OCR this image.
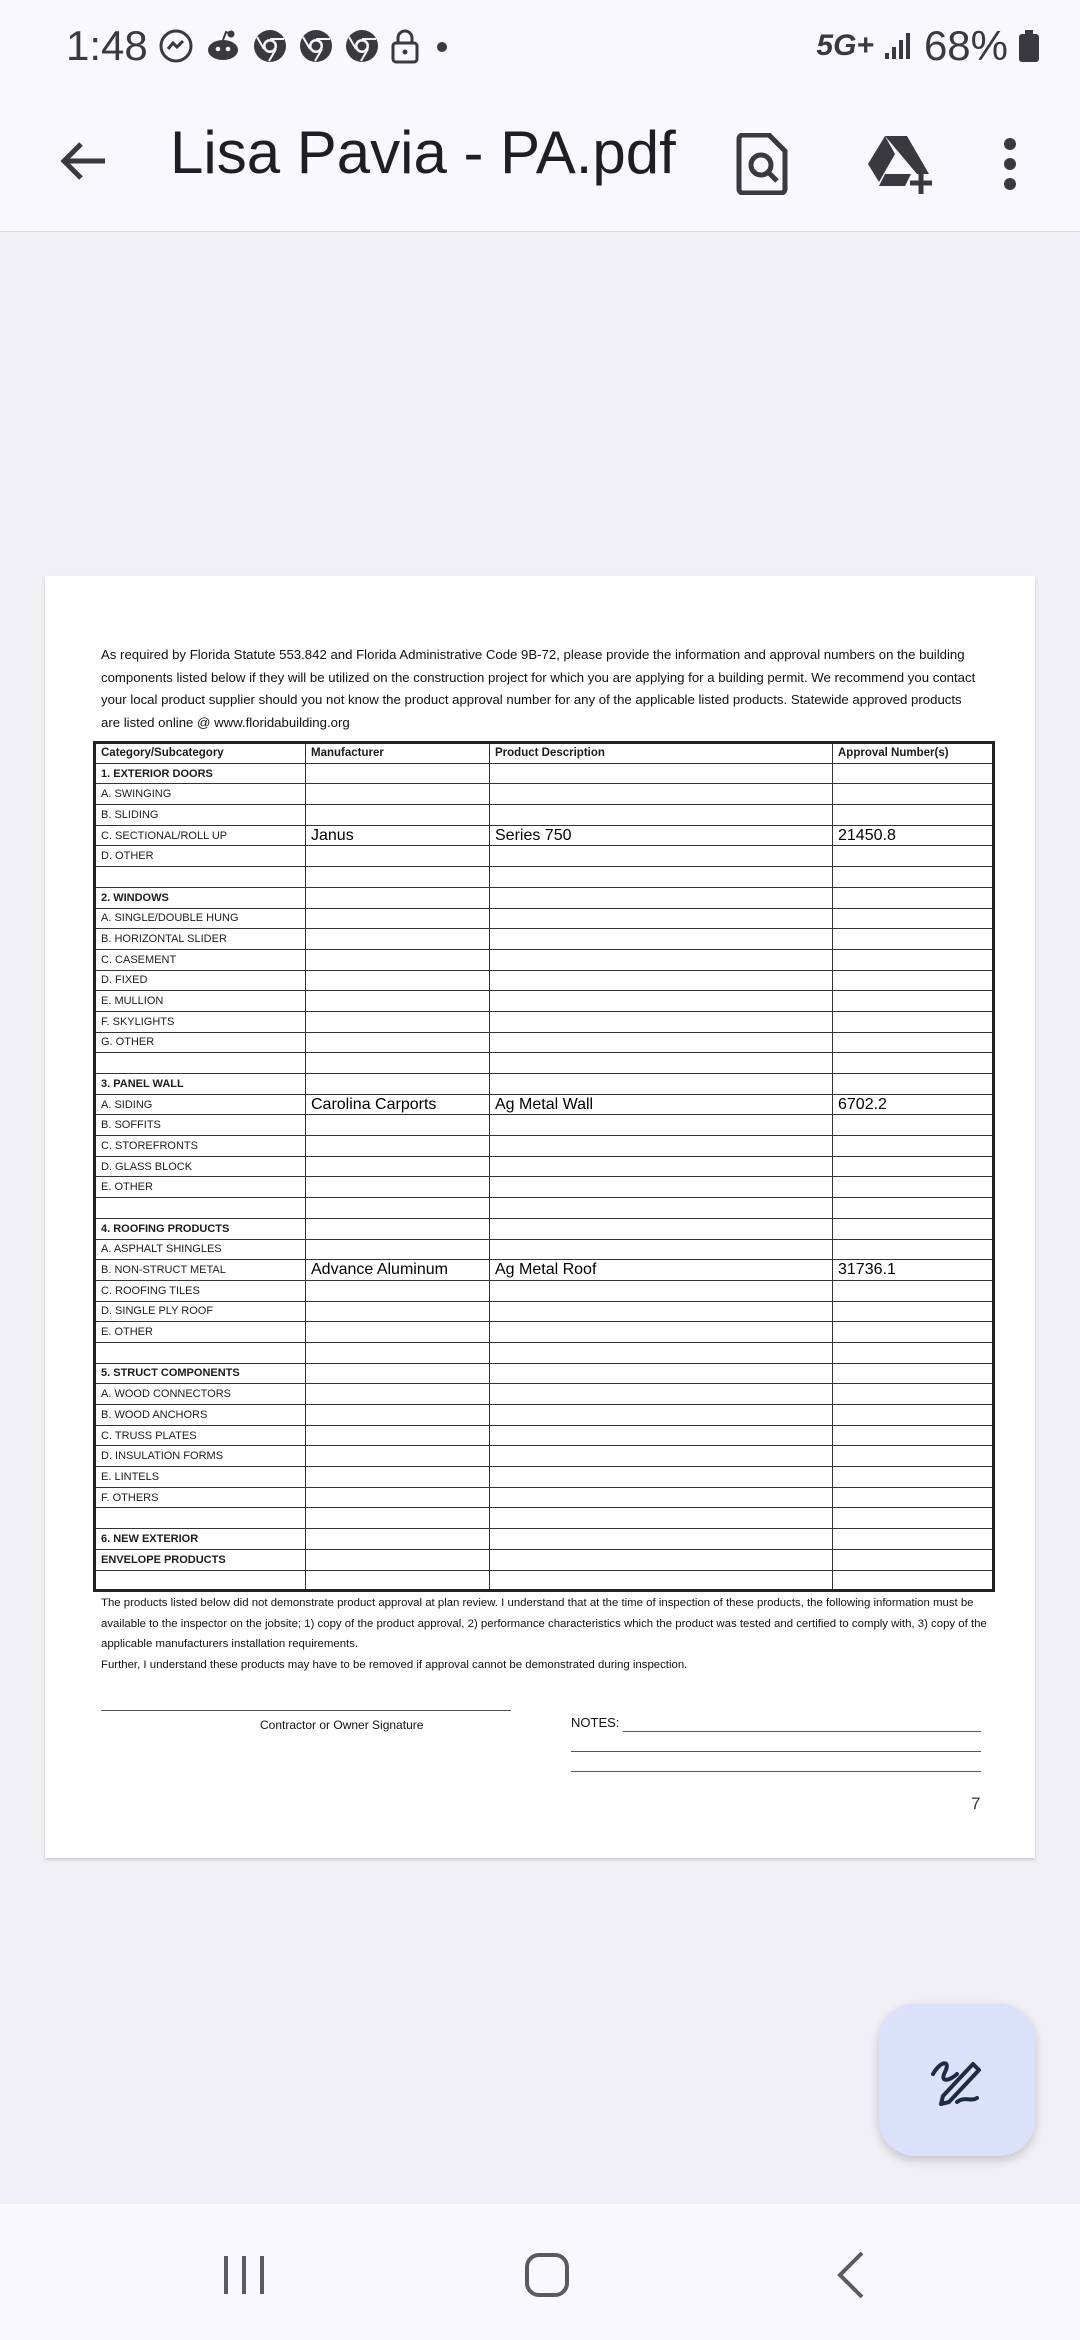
1:48	5G+ 68%
Lisa Pavia - PA.pdf
As required by Florida Statute 553.842 and Florida Administrative Code 9B-72, please provide the information and approval numbers on the building components listed below if they will be utilized on the construction project for which you are applying for a building permit. We recommend you contact your local product supplier should you not know the product approval number for any of the applicable listed products. Statewide approved products are listed online @ www.floridabuilding.org
Category/Subcategory	Manufacturer	Product Description	Approval Number(s)
1. EXTERIOR DOORS			
A. SWINGING			
B. SLIDING			
C. SECTIONAL/ROLL UP	Janus	Series 750	21450.8
D. OTHER			

2. WINDOWS			
A. SINGLE/DOUBLE HUNG			
B. HORIZONTAL SLIDER			
C. CASEMENT			
D. FIXED			
E. MULLION			
F. SKYLIGHTS			
G. OTHER			

3. PANEL WALL			
A. SIDING	Carolina Carports	Ag Metal Wall	6702.2
B. SOFFITS			
C. STOREFRONTS			
D. GLASS BLOCK			
E. OTHER			

4. ROOFING PRODUCTS			
A. ASPHALT SHINGLES			
B. NON-STRUCT METAL	Advance Aluminum	Ag Metal Roof	31736.1
C. ROOFING TILES			
D. SINGLE PLY ROOF			
E. OTHER			

5. STRUCT COMPONENTS			
A. WOOD CONNECTORS			
B. WOOD ANCHORS			
C. TRUSS PLATES			
D. INSULATION FORMS			
E. LINTELS			
F. OTHERS			

6. NEW EXTERIOR			
ENVELOPE PRODUCTS			

The products listed below did not demonstrate product approval at plan review. I understand that at the time of inspection of these products, the following information must be available to the inspector on the jobsite; 1) copy of the product approval, 2) performance characteristics which the product was tested and certified to comply with, 3) copy of the applicable manufacturers installation requirements.
Further, I understand these products may have to be removed if approval cannot be demonstrated during inspection.
Contractor or Owner Signature	NOTES:
7
